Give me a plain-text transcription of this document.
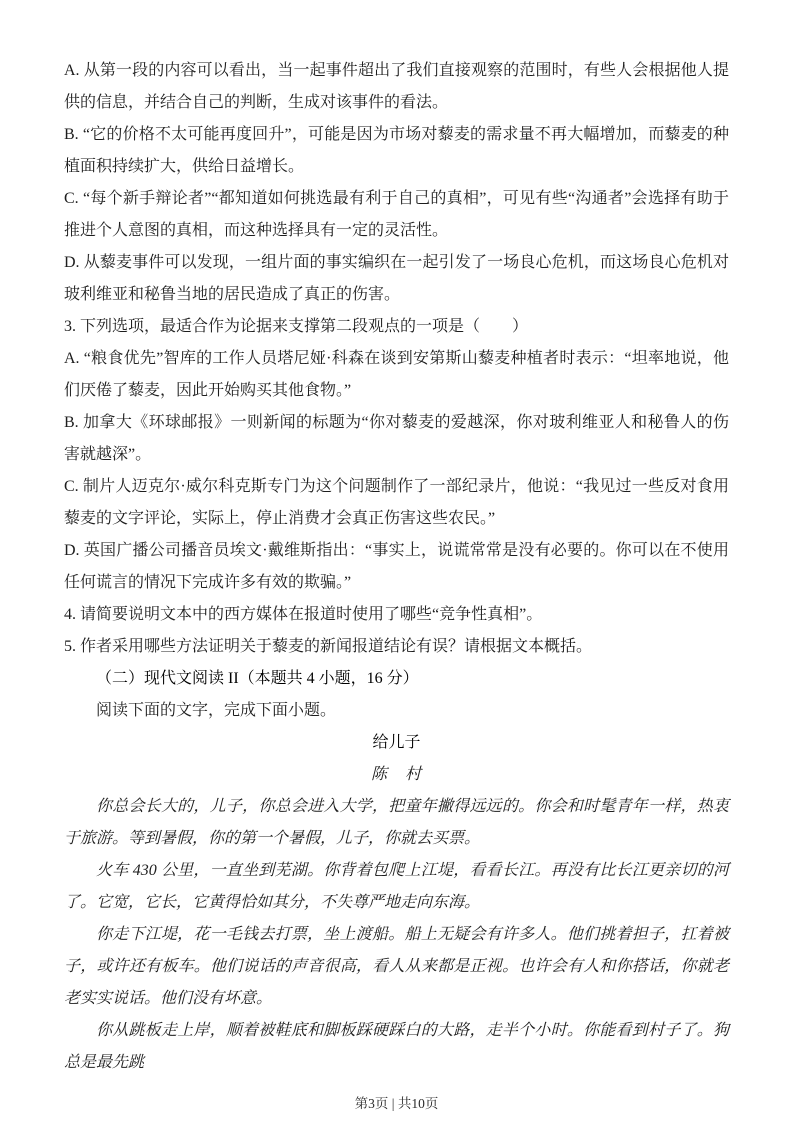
A. 从第一段的内容可以看出，当一起事件超出了我们直接观察的范围时，有些人会根据他人提供的信息，并结合自己的判断，生成对该事件的看法。

B. “它的价格不太可能再度回升”，可能是因为市场对藜麦的需求量不再大幅增加，而藜麦的种植面积持续扩大，供给日益增长。

C. “每个新手辩论者”“都知道如何挑选最有利于自己的真相”，可见有些“沟通者”会选择有助于推进个人意图的真相，而这种选择具有一定的灵活性。

D. 从藜麦事件可以发现，一组片面的事实编织在一起引发了一场良心危机，而这场良心危机对玻利维亚和秘鲁当地的居民造成了真正的伤害。

3. 下列选项，最适合作为论据来支撑第二段观点的一项是（　　）

A. “粮食优先”智库的工作人员塔尼娅·科森在谈到安第斯山藜麦种植者时表示：“坦率地说，他们厌倦了藜麦，因此开始购买其他食物。”

B. 加拿大《环球邮报》一则新闻的标题为“你对藜麦的爱越深，你对玻利维亚人和秘鲁人的伤害就越深”。

C. 制片人迈克尔·威尔科克斯专门为这个问题制作了一部纪录片，他说：“我见过一些反对食用藜麦的文字评论，实际上，停止消费才会真正伤害这些农民。”

D. 英国广播公司播音员埃文·戴维斯指出：“事实上，说谎常常是没有必要的。你可以在不使用任何谎言的情况下完成许多有效的欺骗。”

4. 请简要说明文本中的西方媒体在报道时使用了哪些“竞争性真相”。

5. 作者采用哪些方法证明关于藜麦的新闻报道结论有误？请根据文本概括。

（二）现代文阅读 II（本题共 4 小题，16 分）

阅读下面的文字，完成下面小题。

给儿子

陈　村

你总会长大的，儿子，你总会进入大学，把童年撇得远远的。你会和时髦青年一样，热衷于旅游。等到暑假，你的第一个暑假，儿子，你就去买票。

火车 430 公里，一直坐到芜湖。你背着包爬上江堤，看看长江。再没有比长江更亲切的河了。它宽，它长，它黄得恰如其分，不失尊严地走向东海。

你走下江堤，花一毛钱去打票，坐上渡船。船上无疑会有许多人。他们挑着担子，扛着被子，或许还有板车。他们说话的声音很高，看人从来都是正视。也许会有人和你搭话，你就老老实实说话。他们没有坏意。

你从跳板走上岸，顺着被鞋底和脚板踩硬踩白的大路，走半个小时。你能看到村子了。狗总是最先跳

第3页 | 共10页
